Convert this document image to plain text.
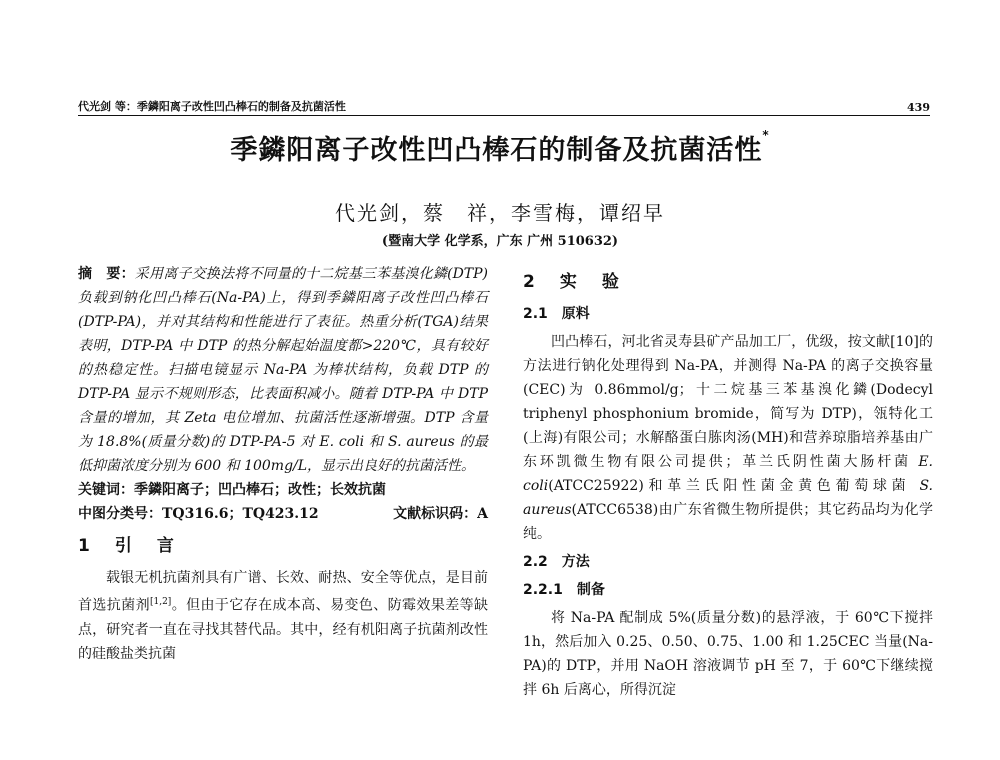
代光剑 等：季鏻阳离子改性凹凸棒石的制备及抗菌活性	439
季鏻阳离子改性凹凸棒石的制备及抗菌活性*
代光剑，蔡　祥，李雪梅，谭绍早
(暨南大学 化学系，广东 广州 510632)

摘　要：采用离子交换法将不同量的十二烷基三苯基溴化鏻(DTP)负载到钠化凹凸棒石(Na-PA)上，得到季鏻阳离子改性凹凸棒石(DTP-PA)，并对其结构和性能进行了表征。热重分析(TGA)结果表明，DTP-PA 中 DTP 的热分解起始温度都>220℃，具有较好的热稳定性。扫描电镜显示 Na-PA 为棒状结构，负载 DTP 的 DTP-PA 显示不规则形态，比表面积减小。随着 DTP-PA 中 DTP 含量的增加，其 Zeta 电位增加、抗菌活性逐渐增强。DTP 含量为 18.8%(质量分数)的 DTP-PA-5 对 E. coli 和 S. aureus 的最低抑菌浓度分别为 600 和 100mg/L，显示出良好的抗菌活性。

关键词：季鏻阳离子；凹凸棒石；改性；长效抗菌

中图分类号：TQ316.6；TQ423.12	文献标识码：A

1　引　言

载银无机抗菌剂具有广谱、长效、耐热、安全等优点，是目前首选抗菌剂[1,2]。但由于它存在成本高、易变色、防霉效果差等缺点，研究者一直在寻找其替代品。其中，经有机阳离子抗菌剂改性的硅酸盐类抗菌

2　实　验
2.1　原料

凹凸棒石，河北省灵寿县矿产品加工厂，优级，按文献[10]的方法进行钠化处理得到 Na-PA，并测得 Na-PA 的离子交换容量(CEC)为 0.86mmol/g；十二烷基三苯基溴化鏻(Dodecyl triphenyl phosphonium bromide，简写为 DTP)，瓴特化工(上海)有限公司；水解酪蛋白胨肉汤(MH)和营养琼脂培养基由广东环凯微生物有限公司提供；革兰氏阴性菌大肠杆菌 E. coli(ATCC25922)和革兰氏阳性菌金黄色葡萄球菌 S. aureus(ATCC6538)由广东省微生物所提供；其它药品均为化学纯。

2.2　方法
2.2.1　制备

将 Na-PA 配制成 5%(质量分数)的悬浮液，于 60℃下搅拌 1h，然后加入 0.25、0.50、0.75、1.00 和 1.25CEC 当量(Na-PA)的 DTP，并用 NaOH 溶液调节 pH 至 7，于 60℃下继续搅拌 6h 后离心，所得沉淀
